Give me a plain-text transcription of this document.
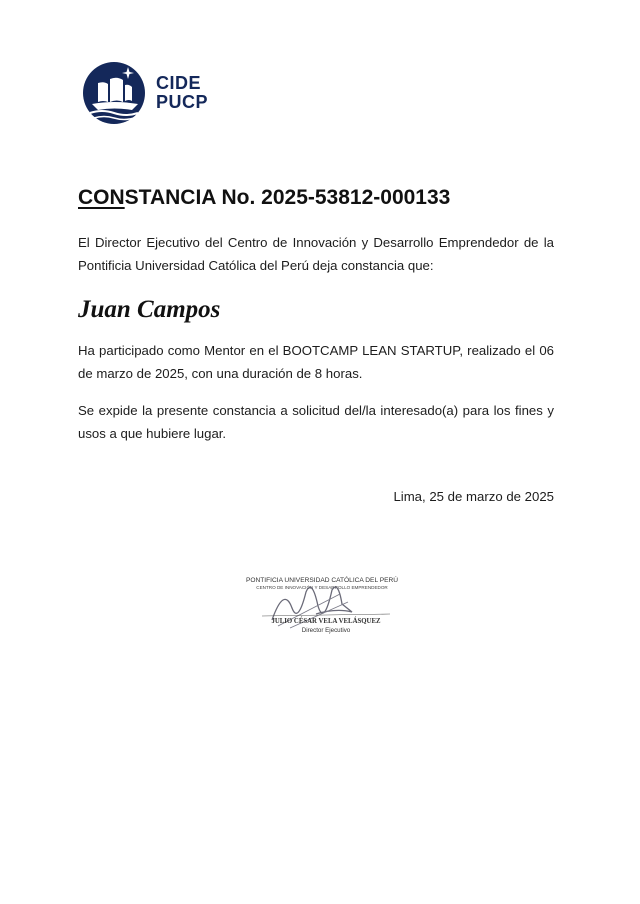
CIDE
PUCP
CONSTANCIA No. 2025-53812-000133
El Director Ejecutivo del Centro de Innovación y Desarrollo Emprendedor de la Pontificia Universidad Católica del Perú deja constancia que:
Juan Campos
Ha participado como Mentor en el BOOTCAMP LEAN STARTUP, realizado el 06 de marzo de 2025, con una duración de 8 horas.
Se expide la presente constancia a solicitud del/la interesado(a) para los fines y usos a que hubiere lugar.
Lima, 25 de marzo de 2025
PONTIFICIA UNIVERSIDAD CATÓLICA DEL PERÚ
CENTRO DE INNOVACIÓN Y DESARROLLO EMPRENDEDOR
JULIO CÉSAR VELA VELÁSQUEZ
Director Ejecutivo
